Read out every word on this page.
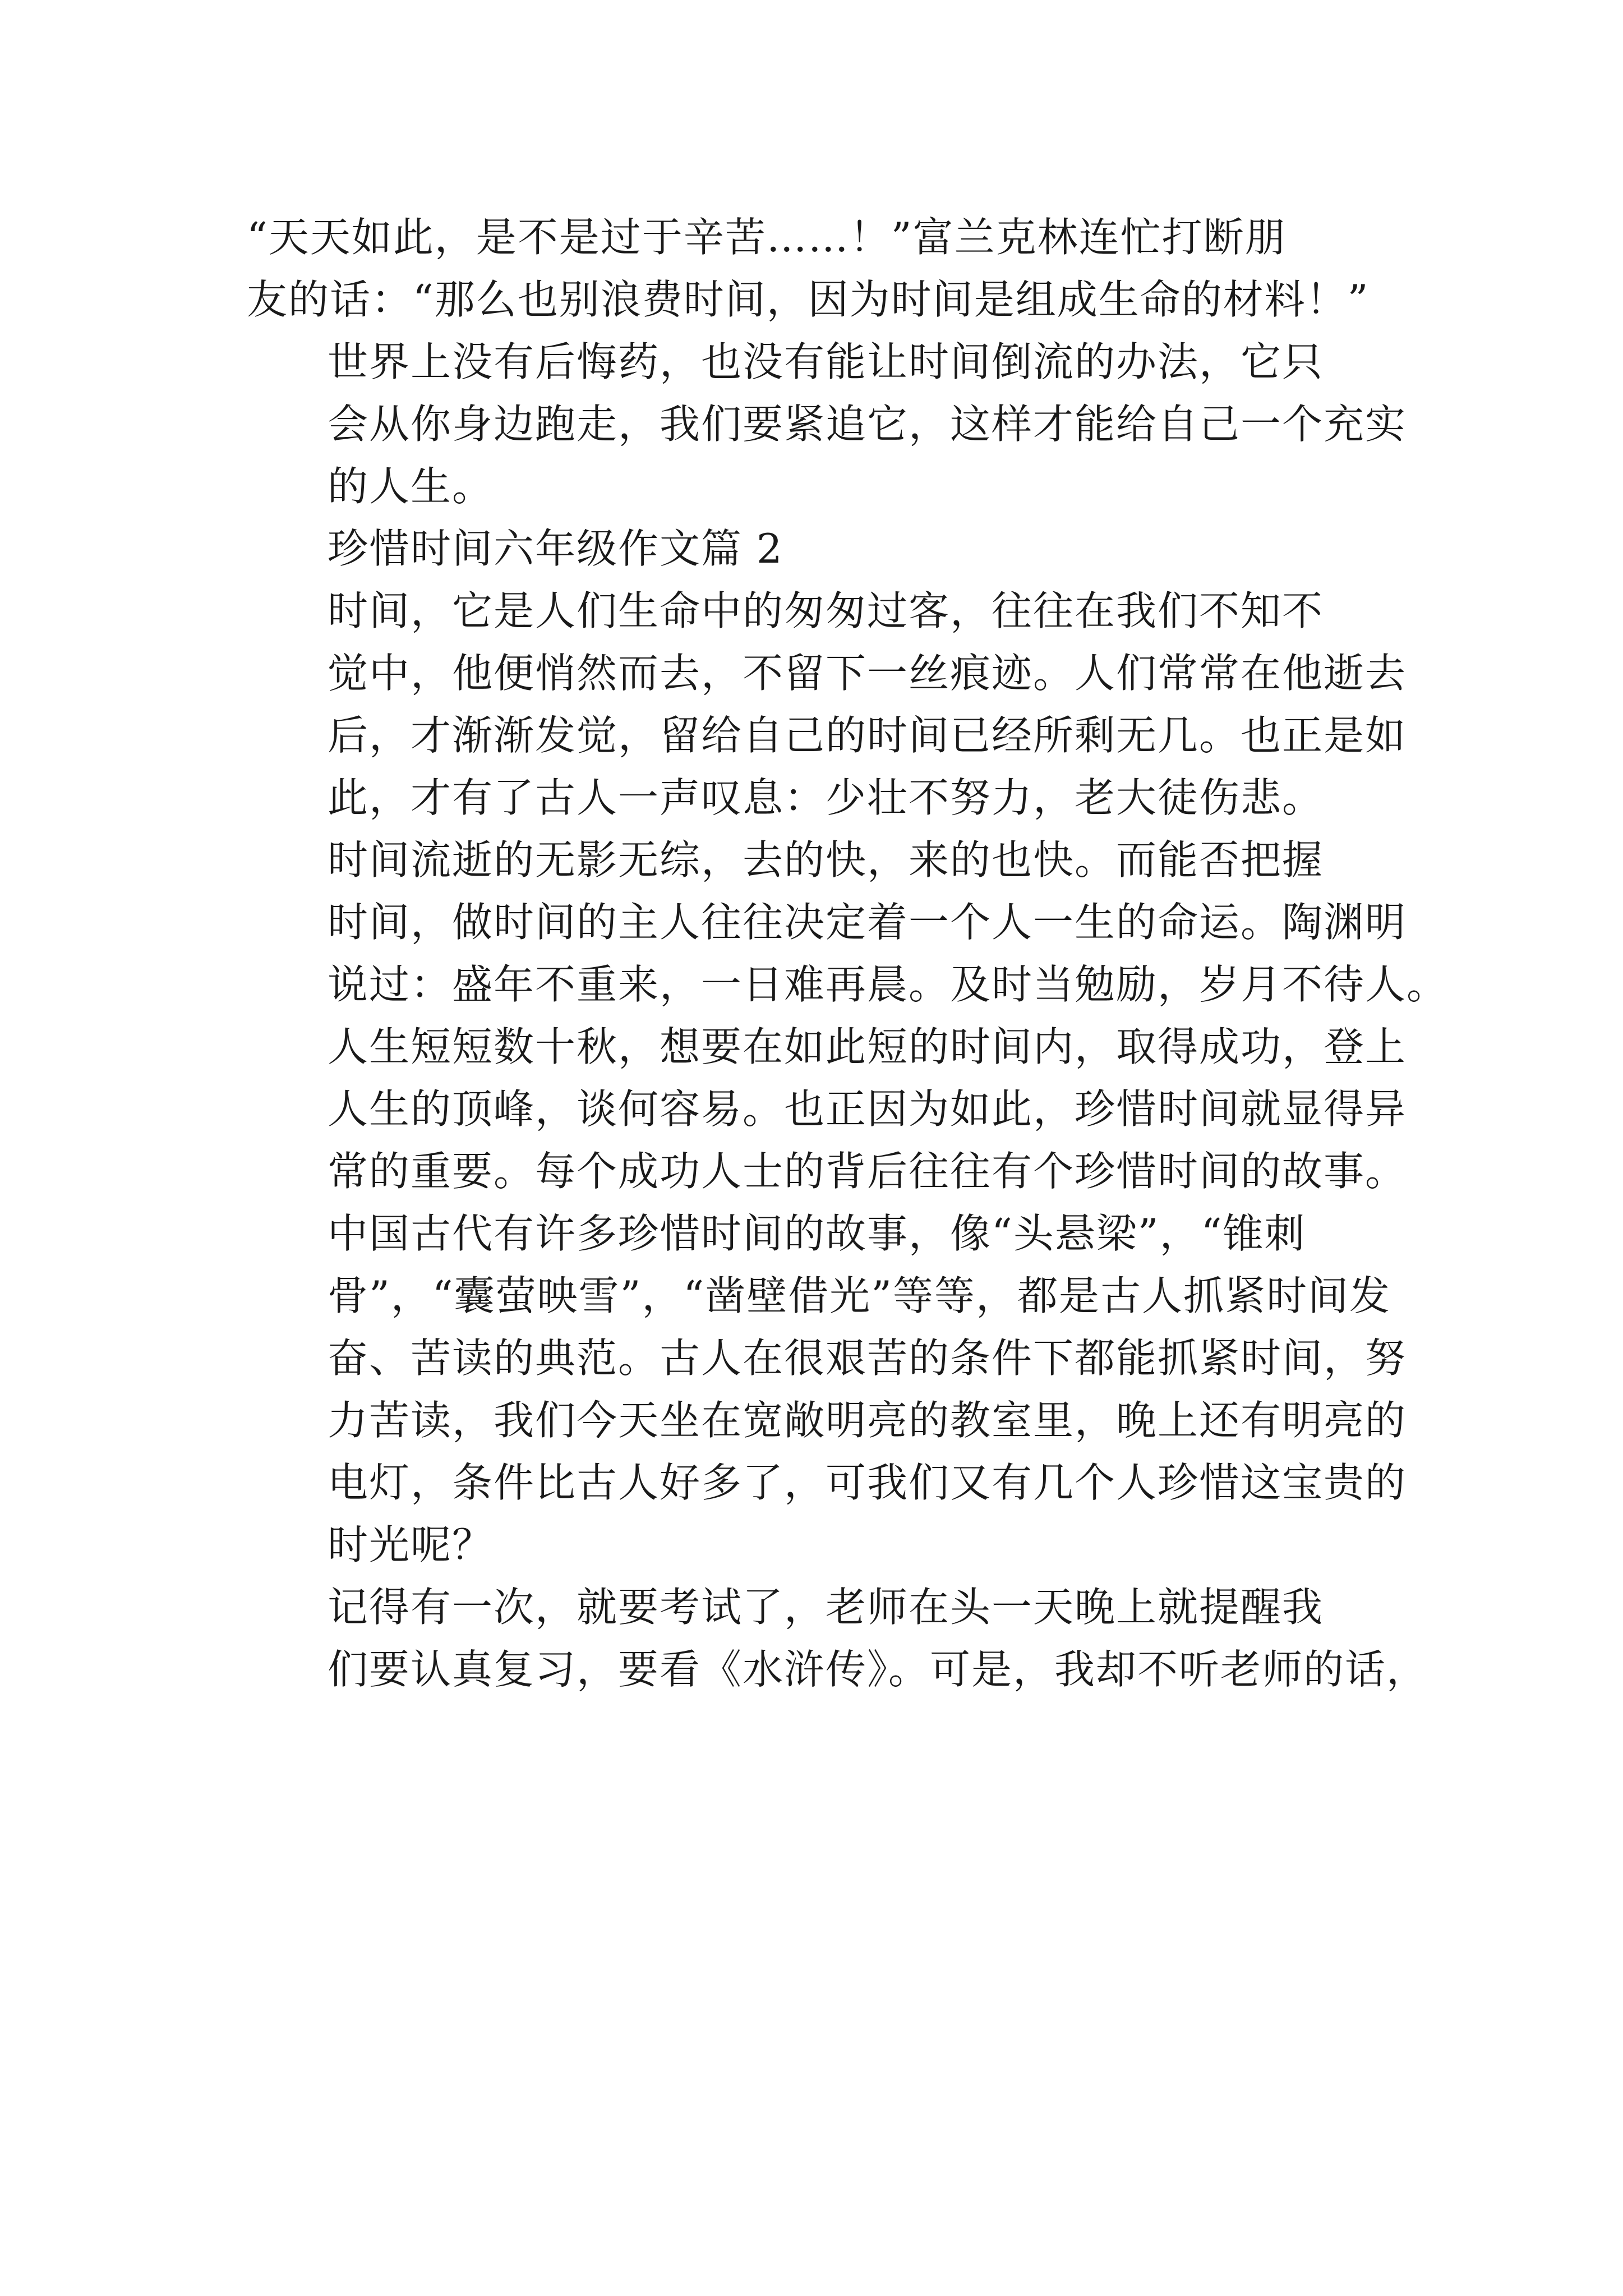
“天天如此，是不是过于辛苦……！”富兰克林连忙打断朋
友的话：“那么也别浪费时间，因为时间是组成生命的材料！”

世界上没有后悔药，也没有能让时间倒流的办法，它只
会从你身边跑走，我们要紧追它，这样才能给自己一个充实
的人生。

珍惜时间六年级作文篇 2

时间，它是人们生命中的匆匆过客，往往在我们不知不
觉中，他便悄然而去，不留下一丝痕迹。人们常常在他逝去
后，才渐渐发觉，留给自己的时间已经所剩无几。也正是如
此，才有了古人一声叹息：少壮不努力，老大徒伤悲。

时间流逝的无影无综，去的快，来的也快。而能否把握
时间，做时间的主人往往决定着一个人一生的命运。陶渊明
说过：盛年不重来，一日难再晨。及时当勉励，岁月不待人。
人生短短数十秋，想要在如此短的时间内，取得成功，登上
人生的顶峰，谈何容易。也正因为如此，珍惜时间就显得异
常的重要。每个成功人士的背后往往有个珍惜时间的故事。

中国古代有许多珍惜时间的故事，像“头悬梁”，“锥刺
骨”，“囊萤映雪”，“凿壁借光”等等，都是古人抓紧时间发
奋、苦读的典范。古人在很艰苦的条件下都能抓紧时间，努
力苦读，我们今天坐在宽敞明亮的教室里，晚上还有明亮的
电灯，条件比古人好多了，可我们又有几个人珍惜这宝贵的
时光呢？

记得有一次，就要考试了，老师在头一天晚上就提醒我
们要认真复习，要看《水浒传》。可是，我却不听老师的话，
